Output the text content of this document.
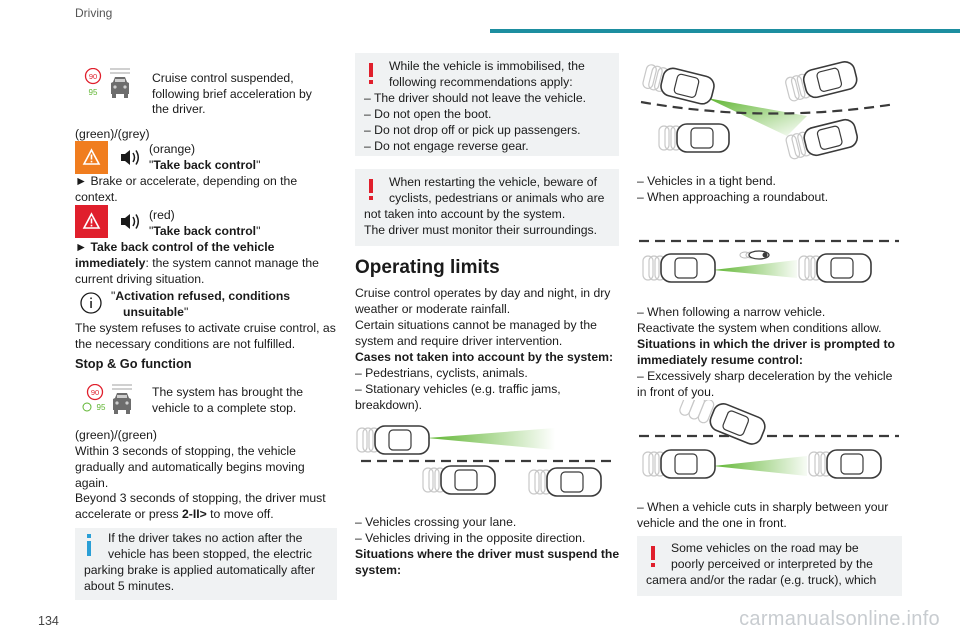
Driving
134
90
95
Cruise control suspended,
following brief acceleration by
the driver.
(green)/(grey)
(orange)
"Take back control"
► Brake or accelerate, depending on the
context.
(red)
"Take back control"
► Take back control of the vehicle
immediately: the system cannot manage the
current driving situation.
"Activation refused, conditions
unsuitable"
The system refuses to activate cruise control, as
the necessary conditions are not fulfilled.
Stop & Go function
90
95
The system has brought the
vehicle to a complete stop.
(green)/(green)
Within 3 seconds of stopping, the vehicle
gradually and automatically begins moving
again.
Beyond 3 seconds of stopping, the driver must
accelerate or press 2-II> to move off.
If the driver takes no action after the
vehicle has been stopped, the electric
parking brake is applied automatically after
about 5 minutes.
While the vehicle is immobilised, the
following recommendations apply:
– The driver should not leave the vehicle.
– Do not open the boot.
– Do not drop off or pick up passengers.
– Do not engage reverse gear.
When restarting the vehicle, beware of
cyclists, pedestrians or animals who are
not taken into account by the system.
The driver must monitor their surroundings.
Operating limits
Cruise control operates by day and night, in dry
weather or moderate rainfall.
Certain situations cannot be managed by the
system and require driver intervention.
Cases not taken into account by the system:
– Pedestrians, cyclists, animals.
– Stationary vehicles (e.g. traffic jams,
breakdown).
– Vehicles crossing your lane.
– Vehicles driving in the opposite direction.
Situations where the driver must suspend the
system:
– Vehicles in a tight bend.
– When approaching a roundabout.
– When following a narrow vehicle.
Reactivate the system when conditions allow.
Situations in which the driver is prompted to
immediately resume control:
– Excessively sharp deceleration by the vehicle
in front of you.
– When a vehicle cuts in sharply between your
vehicle and the one in front.
Some vehicles on the road may be
poorly perceived or interpreted by the
camera and/or the radar (e.g. truck), which
carmanualsonline.info
